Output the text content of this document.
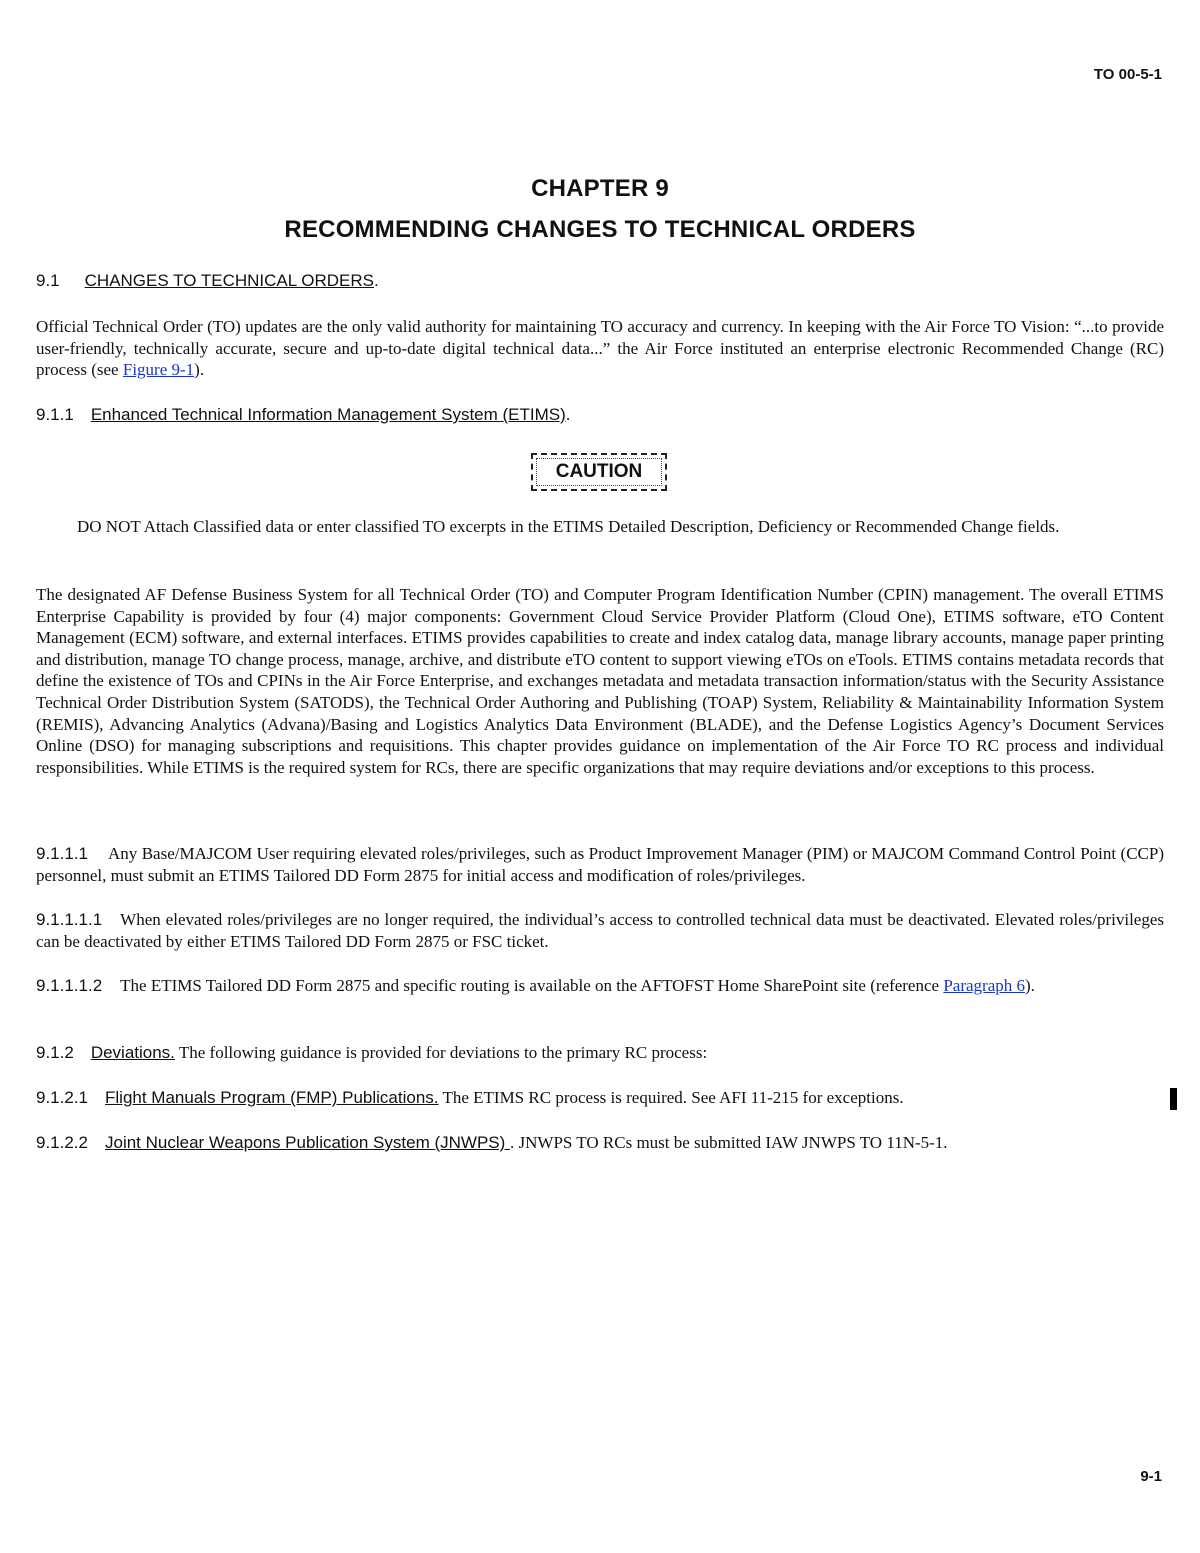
TO 00-5-1
CHAPTER 9
RECOMMENDING CHANGES TO TECHNICAL ORDERS
9.1 CHANGES TO TECHNICAL ORDERS.
Official Technical Order (TO) updates are the only valid authority for maintaining TO accuracy and currency. In keeping with the Air Force TO Vision: “...to provide user-friendly, technically accurate, secure and up-to-date digital technical data...” the Air Force instituted an enterprise electronic Recommended Change (RC) process (see Figure 9-1).
9.1.1 Enhanced Technical Information Management System (ETIMS).
CAUTION
DO NOT Attach Classified data or enter classified TO excerpts in the ETIMS Detailed Description, Deficiency or Recommended Change fields.
The designated AF Defense Business System for all Technical Order (TO) and Computer Program Identification Number (CPIN) management. The overall ETIMS Enterprise Capability is provided by four (4) major components: Government Cloud Service Provider Platform (Cloud One), ETIMS software, eTO Content Management (ECM) software, and external interfaces. ETIMS provides capabilities to create and index catalog data, manage library accounts, manage paper printing and distribution, manage TO change process, manage, archive, and distribute eTO content to support viewing eTOs on eTools. ETIMS contains metadata records that define the existence of TOs and CPINs in the Air Force Enterprise, and exchanges metadata and metadata transaction information/status with the Security Assistance Technical Order Distribution System (SATODS), the Technical Order Authoring and Publishing (TOAP) System, Reliability & Maintainability Information System (REMIS), Advancing Analytics (Advana)/Basing and Logistics Analytics Data Environment (BLADE), and the Defense Logistics Agency’s Document Services Online (DSO) for managing subscriptions and requisitions. This chapter provides guidance on implementation of the Air Force TO RC process and individual responsibilities. While ETIMS is the required system for RCs, there are specific organizations that may require deviations and/or exceptions to this process.
9.1.1.1 Any Base/MAJCOM User requiring elevated roles/privileges, such as Product Improvement Manager (PIM) or MAJCOM Command Control Point (CCP) personnel, must submit an ETIMS Tailored DD Form 2875 for initial access and modification of roles/privileges.
9.1.1.1.1 When elevated roles/privileges are no longer required, the individual’s access to controlled technical data must be deactivated. Elevated roles/privileges can be deactivated by either ETIMS Tailored DD Form 2875 or FSC ticket.
9.1.1.1.2 The ETIMS Tailored DD Form 2875 and specific routing is available on the AFTOFST Home SharePoint site (reference Paragraph 6).
9.1.2 Deviations. The following guidance is provided for deviations to the primary RC process:
9.1.2.1 Flight Manuals Program (FMP) Publications. The ETIMS RC process is required. See AFI 11-215 for exceptions.
9.1.2.2 Joint Nuclear Weapons Publication System (JNWPS) . JNWPS TO RCs must be submitted IAW JNWPS TO 11N-5-1.
9-1
